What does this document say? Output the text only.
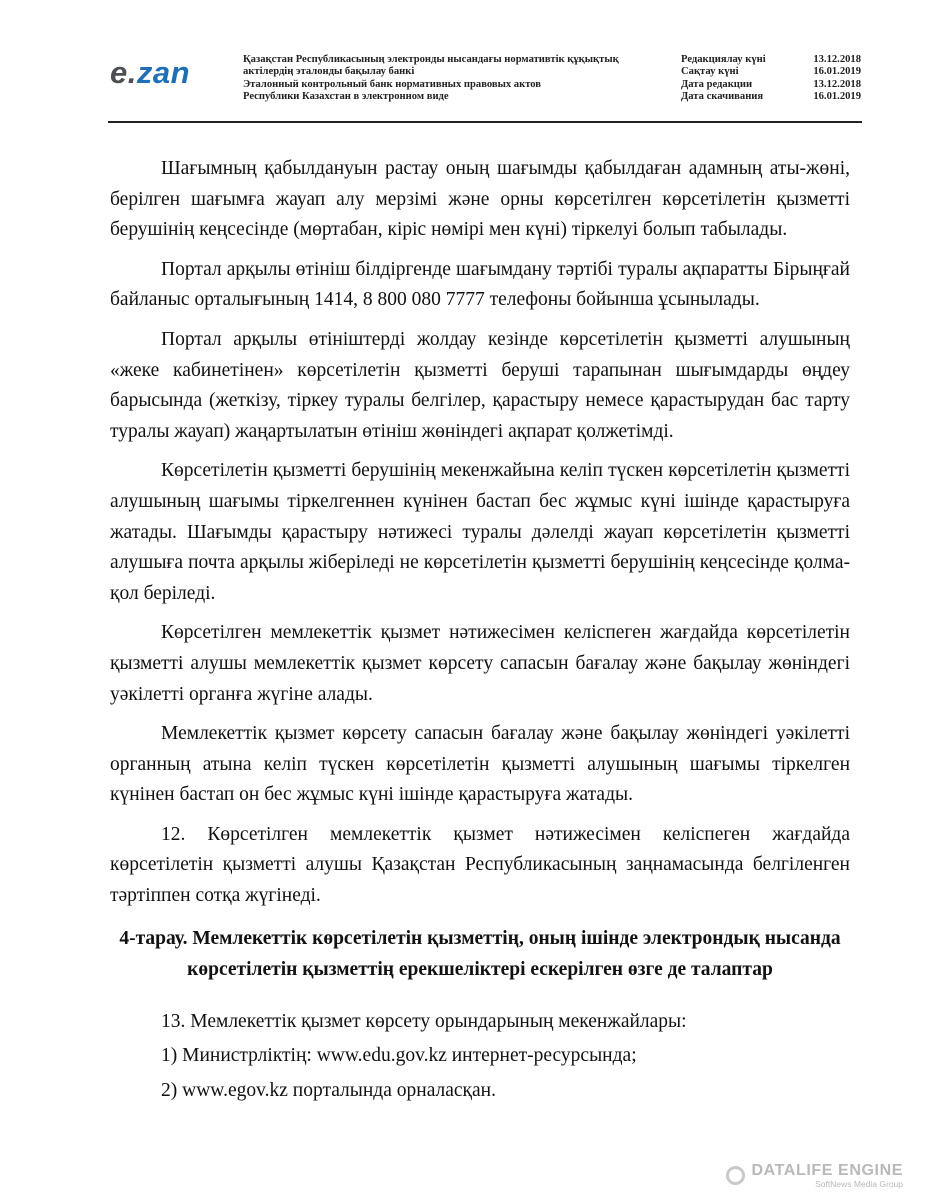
e.zan	Қазақстан Республикасының электронды нысандағы нормативтік құқықтық
актілердің эталонды бақылау банкі
Эталонный контрольный банк нормативных правовых актов
Республики Казахстан в электронном виде
Редакциялау күні	13.12.2018
Сақтау күні	16.01.2019
Дата редакции	13.12.2018
Дата скачивания	16.01.2019

Шағымның қабылдануын растау оның шағымды қабылдаған адамның аты-жөні, берілген шағымға жауап алу мерзімі және орны көрсетілген көрсетілетін қызметті берушінің кеңсесінде (мөртабан, кіріс нөмірі мен күні) тіркелуі болып табылады.

Портал арқылы өтініш білдіргенде шағымдану тәртібі туралы ақпаратты Бірыңғай байланыс орталығының 1414, 8 800 080 7777 телефоны бойынша ұсынылады.

Портал арқылы өтініштерді жолдау кезінде көрсетілетін қызметті алушының «жеке кабинетінен» көрсетілетін қызметті беруші тарапынан шығымдарды өңдеу барысында (жеткізу, тіркеу туралы белгілер, қарастыру немесе қарастырудан бас тарту туралы жауап) жаңартылатын өтініш жөніндегі ақпарат қолжетімді.

Көрсетілетін қызметті берушінің мекенжайына келіп түскен көрсетілетін қызметті алушының шағымы тіркелгеннен күнінен бастап бес жұмыс күні ішінде қарастыруға жатады. Шағымды қарастыру нәтижесі туралы дәлелді жауап көрсетілетін қызметті алушыға почта арқылы жіберіледі не көрсетілетін қызметті берушінің кеңсесінде қолма-қол беріледі.

Көрсетілген мемлекеттік қызмет нәтижесімен келіспеген жағдайда көрсетілетін қызметті алушы мемлекеттік қызмет көрсету сапасын бағалау және бақылау жөніндегі уәкілетті органға жүгіне алады.

Мемлекеттік қызмет көрсету сапасын бағалау және бақылау жөніндегі уәкілетті органның атына келіп түскен көрсетілетін қызметті алушының шағымы тіркелген күнінен бастап он бес жұмыс күні ішінде қарастыруға жатады.

12. Көрсетілген мемлекеттік қызмет нәтижесімен келіспеген жағдайда көрсетілетін қызметті алушы Қазақстан Республикасының заңнамасында белгіленген тәртіппен сотқа жүгінеді.

4-тарау. Мемлекеттік көрсетілетін қызметтің, оның ішінде электрондық нысанда көрсетілетін қызметтің ерекшеліктері ескерілген өзге де талаптар

13. Мемлекеттік қызмет көрсету орындарының мекенжайлары:

1) Министрліктің: www.edu.gov.kz интернет-ресурсында;

2) www.egov.kz порталында орналасқан.

DATALIFE ENGINE
SoftNews Media Group
